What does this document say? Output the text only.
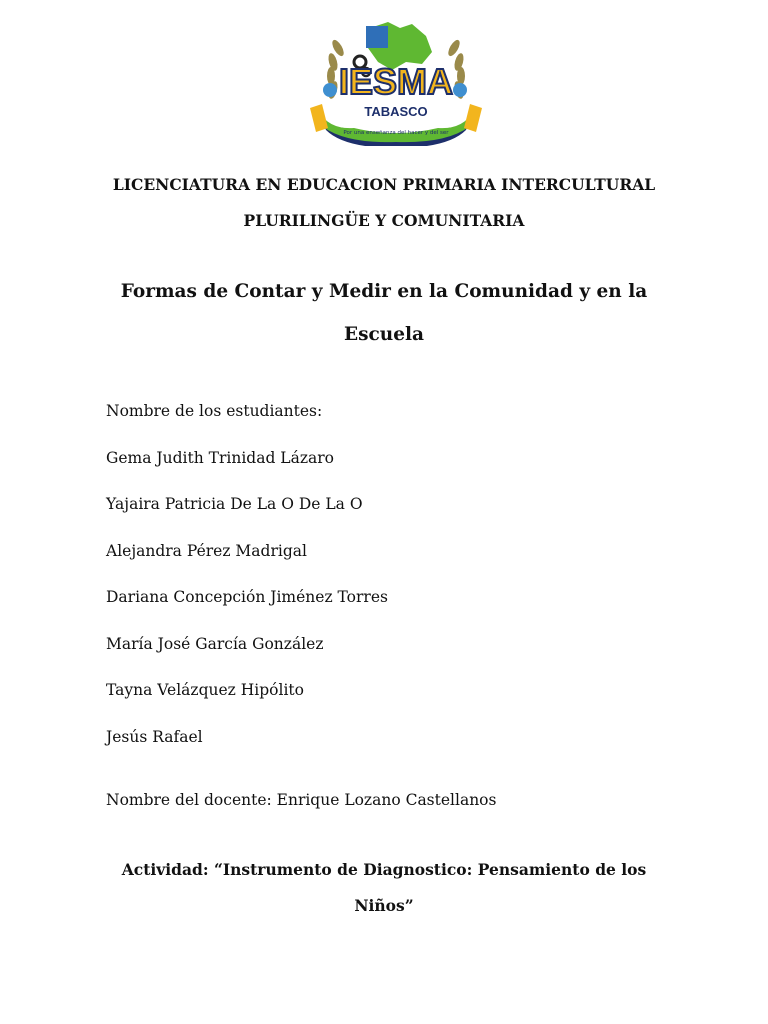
IESMA
TABASCO
Por una enseñanza del hacer y del ser
LICENCIATURA EN EDUCACION PRIMARIA INTERCULTURAL
PLURILINGÜE Y COMUNITARIA
Formas de Contar y Medir en la Comunidad y en la
Escuela
Nombre de los estudiantes:
Gema Judith Trinidad Lázaro
Yajaira Patricia De La O De La O
Alejandra Pérez Madrigal
Dariana Concepción Jiménez Torres
María José García González
Tayna Velázquez Hipólito
Jesús Rafael
Nombre del docente: Enrique Lozano Castellanos
Actividad: “Instrumento de Diagnostico: Pensamiento de los
Niños”
